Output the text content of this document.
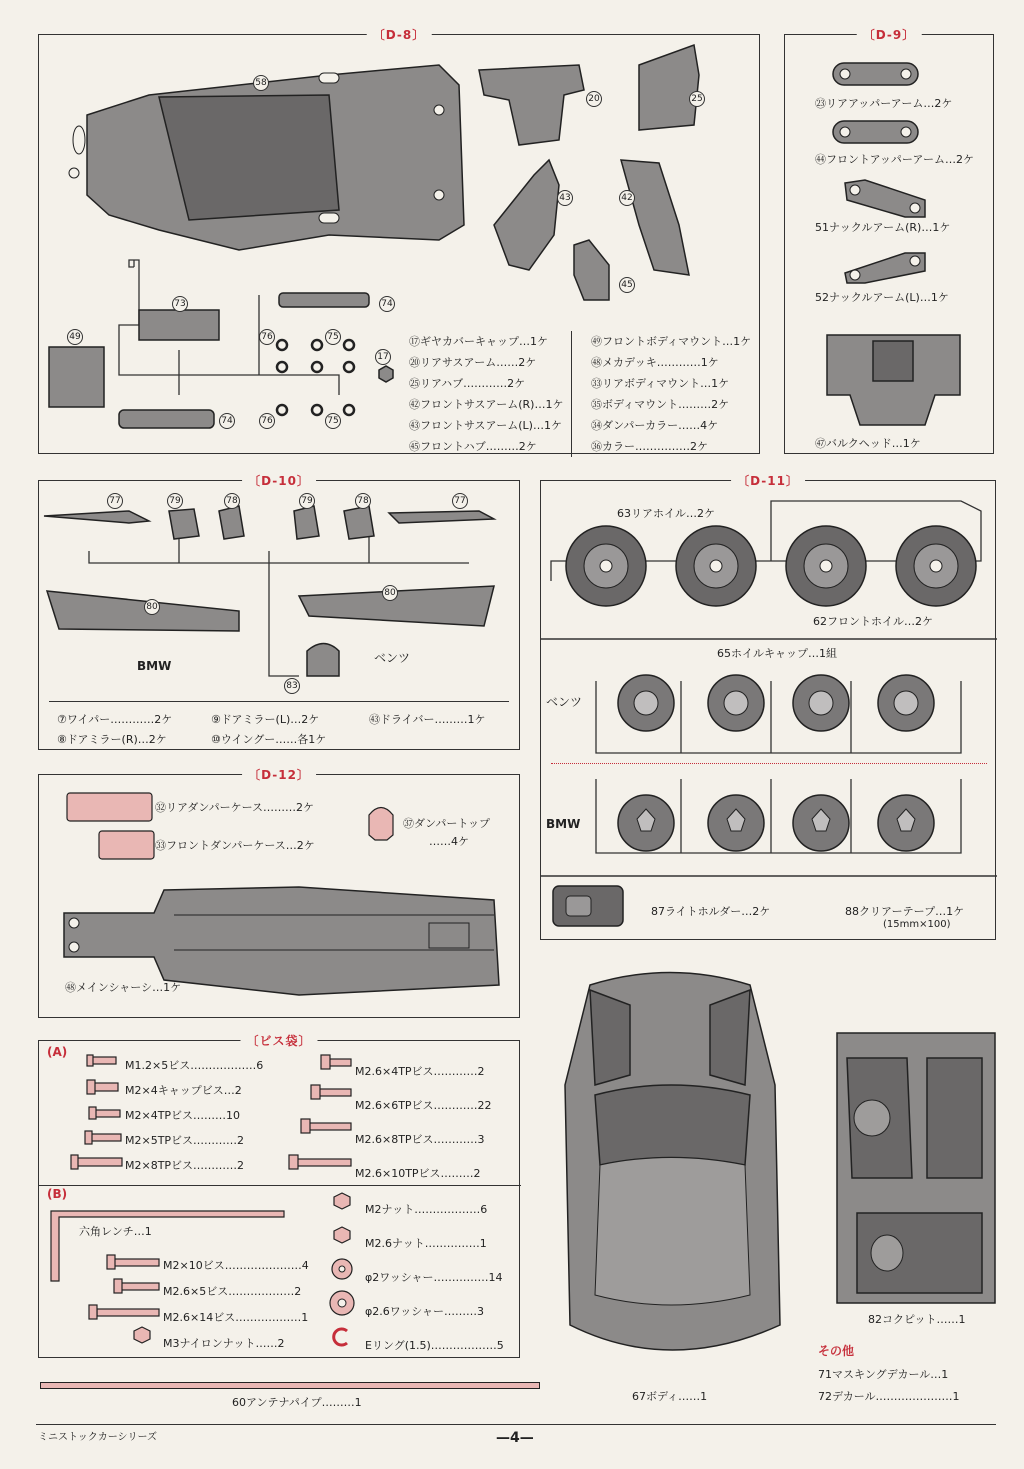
〔D-8〕
58
20	25
43	42
45
73	74
49	76	75
17
74	76	75
⑰ギヤカバーキャップ…1ケ
⑳リアサスアーム……2ケ
㉕リアハブ…………2ケ
㊷フロントサスアーム(R)…1ケ
㊸フロントサスアーム(L)…1ケ
㊺フロントハブ………2ケ
㊾フロントボディマウント…1ケ
㊽メカデッキ…………1ケ
㉝リアボディマウント…1ケ
㉟ボディマウント………2ケ
㉞ダンパーカラー……4ケ
㊱カラー……………2ケ
〔D-9〕
㉓リアアッパーアーム…2ケ
㊹フロントアッパーアーム…2ケ
51ナックルアーム(R)…1ケ
52ナックルアーム(L)…1ケ
㊼バルクヘッド…1ケ
〔D-10〕
77	79	78	79	78	77
80
80
83
BMW
ベンツ
⑦ワイパー…………2ケ
⑧ドアミラー(R)…2ケ
⑨ドアミラー(L)…2ケ
⑩ウイングー……各1ケ
㊸ドライバー………1ケ
〔D-11〕
63リアホイル…2ケ
62フロントホイル…2ケ
65ホイルキャップ…1組
ベンツ
BMW
87ライトホルダー…2ケ	88クリアーテープ…1ケ
(15mm×100)
〔D-12〕
㉜リアダンパーケース………2ケ
㉝フロントダンパーケース…2ケ
㊲ダンパートップ
……4ケ
㊽メインシャーシ…1ケ
〔ビス袋〕
(A)
(B)
M1.2×5ビス………………6
M2×4キャップビス…2
M2×4TPビス………10
M2×5TPビス…………2
M2×8TPビス…………2
M2.6×4TPビス…………2
M2.6×6TPビス…………22
M2.6×8TPビス…………3
M2.6×10TPビス………2
六角レンチ…1
M2×10ビス…………………4
M2.6×5ビス………………2
M2.6×14ビス………………1
M3ナイロンナット……2
M2ナット………………6
M2.6ナット……………1
φ2ワッシャー……………14
φ2.6ワッシャー………3
Eリング(1.5)………………5
60アンテナパイプ………1	67ボディ……1
82コクピット……1
その他
71マスキングデカール…1
72デカール…………………1
ミニストックカーシリーズ	—4—
